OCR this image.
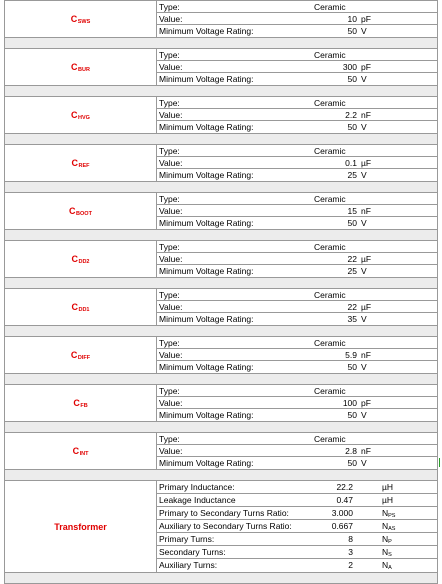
$C_{SWS}$
Type:	Ceramic
Value:	10 pF
Minimum Voltage Rating:	50 V
$C_{BUR}$
Type:	Ceramic
Value:	300 pF
Minimum Voltage Rating:	50 V
$C_{HVG}$
Type:	Ceramic
Value:	2.2 nF
Minimum Voltage Rating:	50 V
$C_{REF}$
Type:	Ceramic
Value:	0.1 µF
Minimum Voltage Rating:	25 V
$C_{BOOT}$
Type:	Ceramic
Value:	15 nF
Minimum Voltage Rating:	50 V
$C_{DD2}$
Type:	Ceramic
Value:	22 µF
Minimum Voltage Rating:	25 V
$C_{DD1}$
Type:	Ceramic
Value:	22 µF
Minimum Voltage Rating:	35 V
$C_{DIFF}$
Type:	Ceramic
Value:	5.9 nF
Minimum Voltage Rating:	50 V
$C_{FB}$
Type:	Ceramic
Value:	100 pF
Minimum Voltage Rating:	50 V
$C_{INT}$
Type:	Ceramic
Value:	2.8 nF
Minimum Voltage Rating:	50 V
Transformer
Primary Inductance:	22.2	µH
Leakage Inductance	0.47	µH
Primary to Secondary Turns Ratio:	3.000	$N_{PS}$
Auxiliary to Secondary Turns Ratio:	0.667	$N_{AS}$
Primary Turns:	8	$N_P$
Secondary Turns:	3	$N_S$
Auxiliary Turns:	2	$N_A$
